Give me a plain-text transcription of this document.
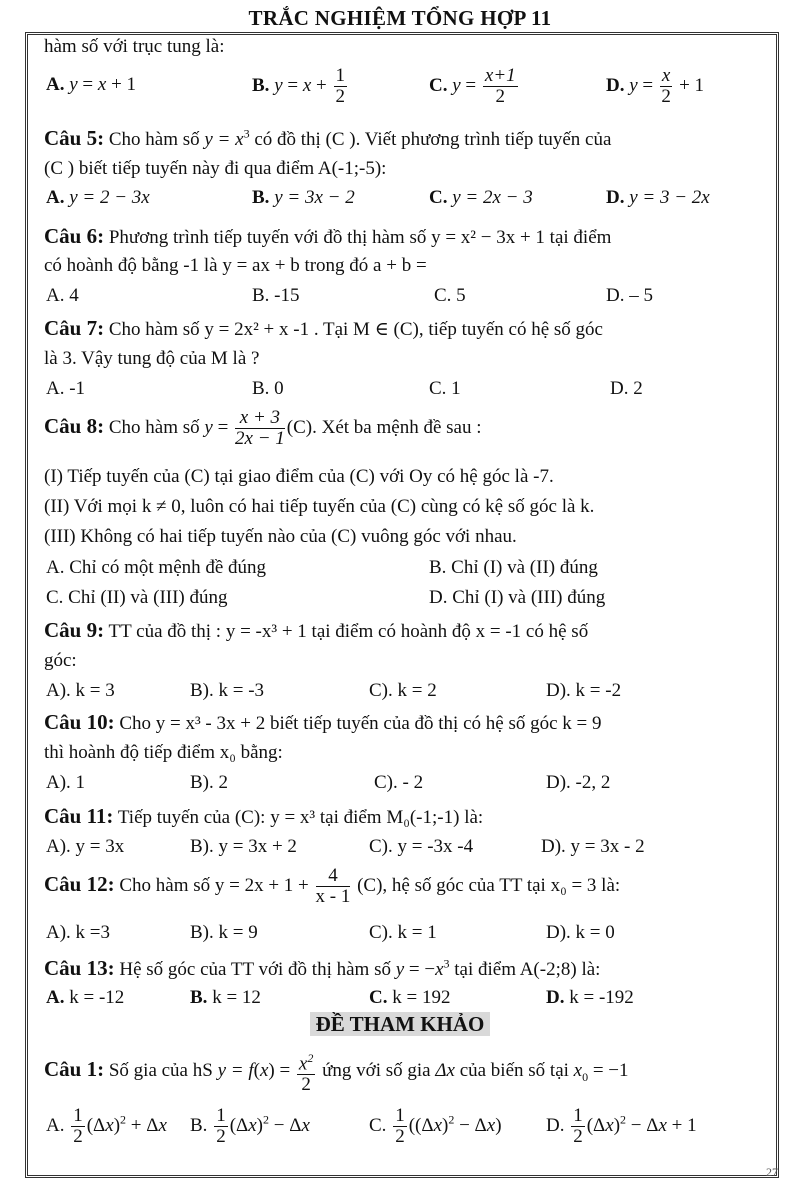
TRẮC NGHIỆM TỔNG HỢP 11
hàm số với trục tung là:
A. y = x + 1	B. $y = x + \frac{1}{2}$	C. $y = \frac{x+1}{2}$	D. $y = \frac{x}{2} + 1$
Câu 5: Cho hàm số $y = x^3$ có đồ thị (C ). Viết phương trình tiếp tuyến của
(C ) biết tiếp tuyến này đi qua điểm A(-1;-5):
A. y = 2 − 3x	B. y = 3x − 2	C. y = 2x − 3	D. y = 3 − 2x
Câu 6: Phương trình tiếp tuyến với đồ thị hàm số y = x² − 3x + 1 tại điểm
có hoành độ bằng -1 là y = ax + b trong đó a + b =
A. 4	B. -15	C. 5	D. – 5
Câu 7: Cho hàm số y = 2x² + x -1 . Tại M ∈ (C), tiếp tuyến có hệ số góc
là 3. Vậy tung độ của M là ?
A. -1	B. 0	C. 1	D. 2
Câu 8: Cho hàm số $y = \frac{x + 3}{2x - 1} (C)$. Xét ba mệnh đề sau :
(I) Tiếp tuyến của (C) tại giao điểm của (C) với Oy có hệ góc là -7.
(II) Với mọi k ≠ 0, luôn có hai tiếp tuyến của (C) cùng có kệ số góc là k.
(III) Không có hai tiếp tuyến nào của (C) vuông góc với nhau.
A. Chỉ có một mệnh đề đúng	B. Chỉ (I) và (II) đúng
C. Chỉ (II) và (III) đúng	D. Chỉ (I) và (III) đúng
Câu 9: TT của đồ thị : y = -x³ + 1 tại điểm có hoành độ x = -1 có hệ số
góc:
A). k = 3	B). k = -3	C). k = 2	D). k = -2
Câu 10: Cho y = x³ - 3x + 2 biết tiếp tuyến của đồ thị có hệ số góc k = 9
thì hoành độ tiếp điểm x₀ bằng:
A). 1	B). 2	C). - 2	D). -2, 2
Câu 11: Tiếp tuyến của (C): y = x³ tại điểm M₀(-1;-1) là:
A). y = 3x	B). y = 3x + 2	C). y = -3x -4	D). y = 3x - 2
Câu 12: Cho hàm số $y = 2x + 1 + \frac{4}{x - 1} (C)$, hệ số góc của TT tại x₀ = 3 là:
A). k =3	B). k = 9	C). k = 1	D). k = 0
Câu 13: Hệ số góc của TT với đồ thị hàm số $y = -x^3$ tại điểm A(-2;8) là:
A. k = -12	B. k = 12	C. k = 192	D. k = -192
Câu 1: Số gia của hS $y = f(x) = \frac{x^2}{2}$ ứng với số gia Δx của biến số tại $x_0 = -1$
A. $\frac{1}{2} (\Delta x)^2 + \Delta x$ B. $\frac{1}{2} (\Delta x)^2 - \Delta x$	C. $\frac{1}{2} ((\Delta x)^2 - \Delta x)$ D. $\frac{1}{2} (\Delta x)^2 - \Delta x + 1$
ĐỀ THAM KHẢO
27
